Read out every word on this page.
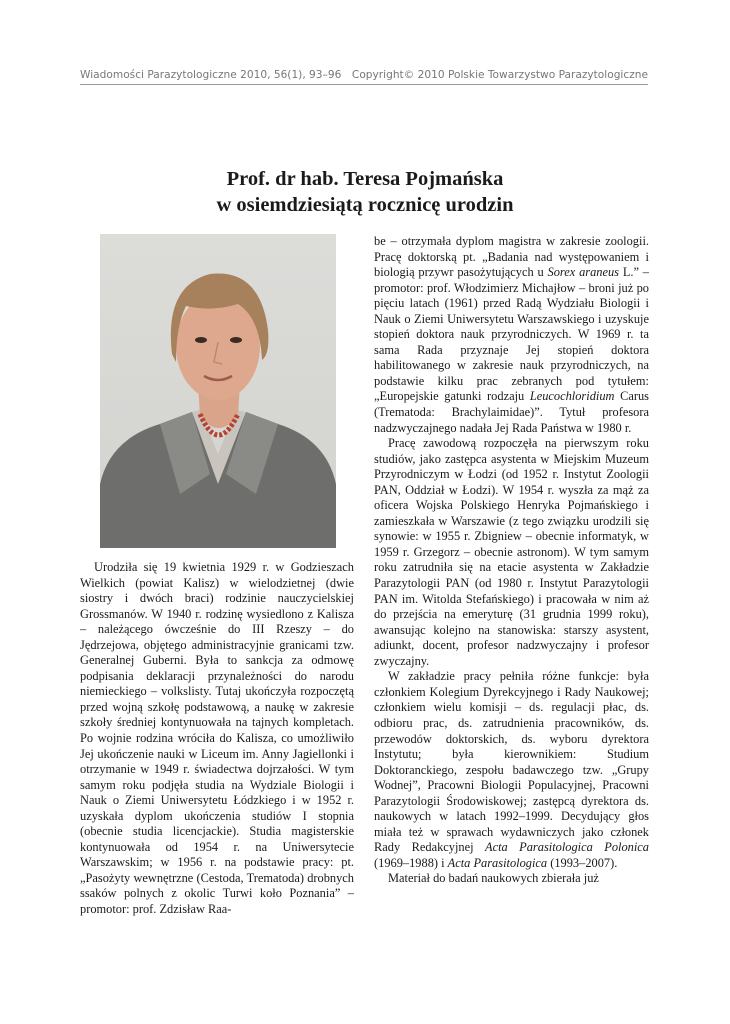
Wiadomości Parazytologiczne 2010, 56(1), 93–96 Copyright© 2010 Polskie Towarzystwo Parazytologiczne
Prof. dr hab. Teresa Pojmańska
w osiemdziesiątą rocznicę urodzin

Urodziła się 19 kwietnia 1929 r. w Godzieszach Wielkich (powiat Kalisz) w wielodzietnej (dwie siostry i dwóch braci) rodzinie nauczycielskiej Grossmanów. W 1940 r. rodzinę wysiedlono z Kalisza – należącego ówcześnie do III Rzeszy – do Jędrzejowa, objętego administracyjnie granicami tzw. Generalnej Guberni. Była to sankcja za odmowę podpisania deklaracji przynależności do narodu niemieckiego – volkslisty. Tutaj ukończyła rozpoczętą przed wojną szkołę podstawową, a naukę w zakresie szkoły średniej kontynuowała na tajnych kompletach. Po wojnie rodzina wróciła do Kalisza, co umożliwiło Jej ukończenie nauki w Liceum im. Anny Jagiellonki i otrzymanie w 1949 r. świadectwa dojrzałości. W tym samym roku podjęła studia na Wydziale Biologii i Nauk o Ziemi Uniwersytetu Łódzkiego i w 1952 r. uzyskała dyplom ukończenia studiów I stopnia (obecnie studia licencjackie). Studia magisterskie kontynuowała od 1954 r. na Uniwersytecie Warszawskim; w 1956 r. na podstawie pracy: pt. „Pasożyty wewnętrzne (Cestoda, Trematoda) drobnych ssaków polnych z okolic Turwi koło Poznania” – promotor: prof. Zdzisław Raa-

be – otrzymała dyplom magistra w zakresie zoologii. Pracę doktorską pt. „Badania nad występowaniem i biologią przywr pasożytujących u Sorex araneus L.” – promotor: prof. Włodzimierz Michajłow – broni już po pięciu latach (1961) przed Radą Wydziału Biologii i Nauk o Ziemi Uniwersytetu Warszawskiego i uzyskuje stopień doktora nauk przyrodniczych. W 1969 r. ta sama Rada przyznaje Jej stopień doktora habilitowanego w zakresie nauk przyrodniczych, na podstawie kilku prac zebranych pod tytułem: „Europejskie gatunki rodzaju Leucochloridium Carus (Trematoda: Brachylaimidae)”. Tytuł profesora nadzwyczajnego nadała Jej Rada Państwa w 1980 r.

Pracę zawodową rozpoczęła na pierwszym roku studiów, jako zastępca asystenta w Miejskim Muzeum Przyrodniczym w Łodzi (od 1952 r. Instytut Zoologii PAN, Oddział w Łodzi). W 1954 r. wyszła za mąż za oficera Wojska Polskiego Henryka Pojmańskiego i zamieszkała w Warszawie (z tego związku urodzili się synowie: w 1955 r. Zbigniew – obecnie informatyk, w 1959 r. Grzegorz – obecnie astronom). W tym samym roku zatrudniła się na etacie asystenta w Zakładzie Parazytologii PAN (od 1980 r. Instytut Parazytologii PAN im. Witolda Stefańskiego) i pracowała w nim aż do przejścia na emeryturę (31 grudnia 1999 roku), awansując kolejno na stanowiska: starszy asystent, adiunkt, docent, profesor nadzwyczajny i profesor zwyczajny.

W zakładzie pracy pełniła różne funkcje: była członkiem Kolegium Dyrekcyjnego i Rady Naukowej; członkiem wielu komisji – ds. regulacji płac, ds. odbioru prac, ds. zatrudnienia pracowników, ds. przewodów doktorskich, ds. wyboru dyrektora Instytutu; była kierownikiem: Studium Doktoranckiego, zespołu badawczego tzw. „Grupy Wodnej”, Pracowni Biologii Populacyjnej, Pracowni Parazytologii Środowiskowej; zastępcą dyrektora ds. naukowych w latach 1992–1999. Decydujący głos miała też w sprawach wydawniczych jako członek Rady Redakcyjnej Acta Parasitologica Polonica (1969–1988) i Acta Parasitologica (1993–2007).

Materiał do badań naukowych zbierała już
